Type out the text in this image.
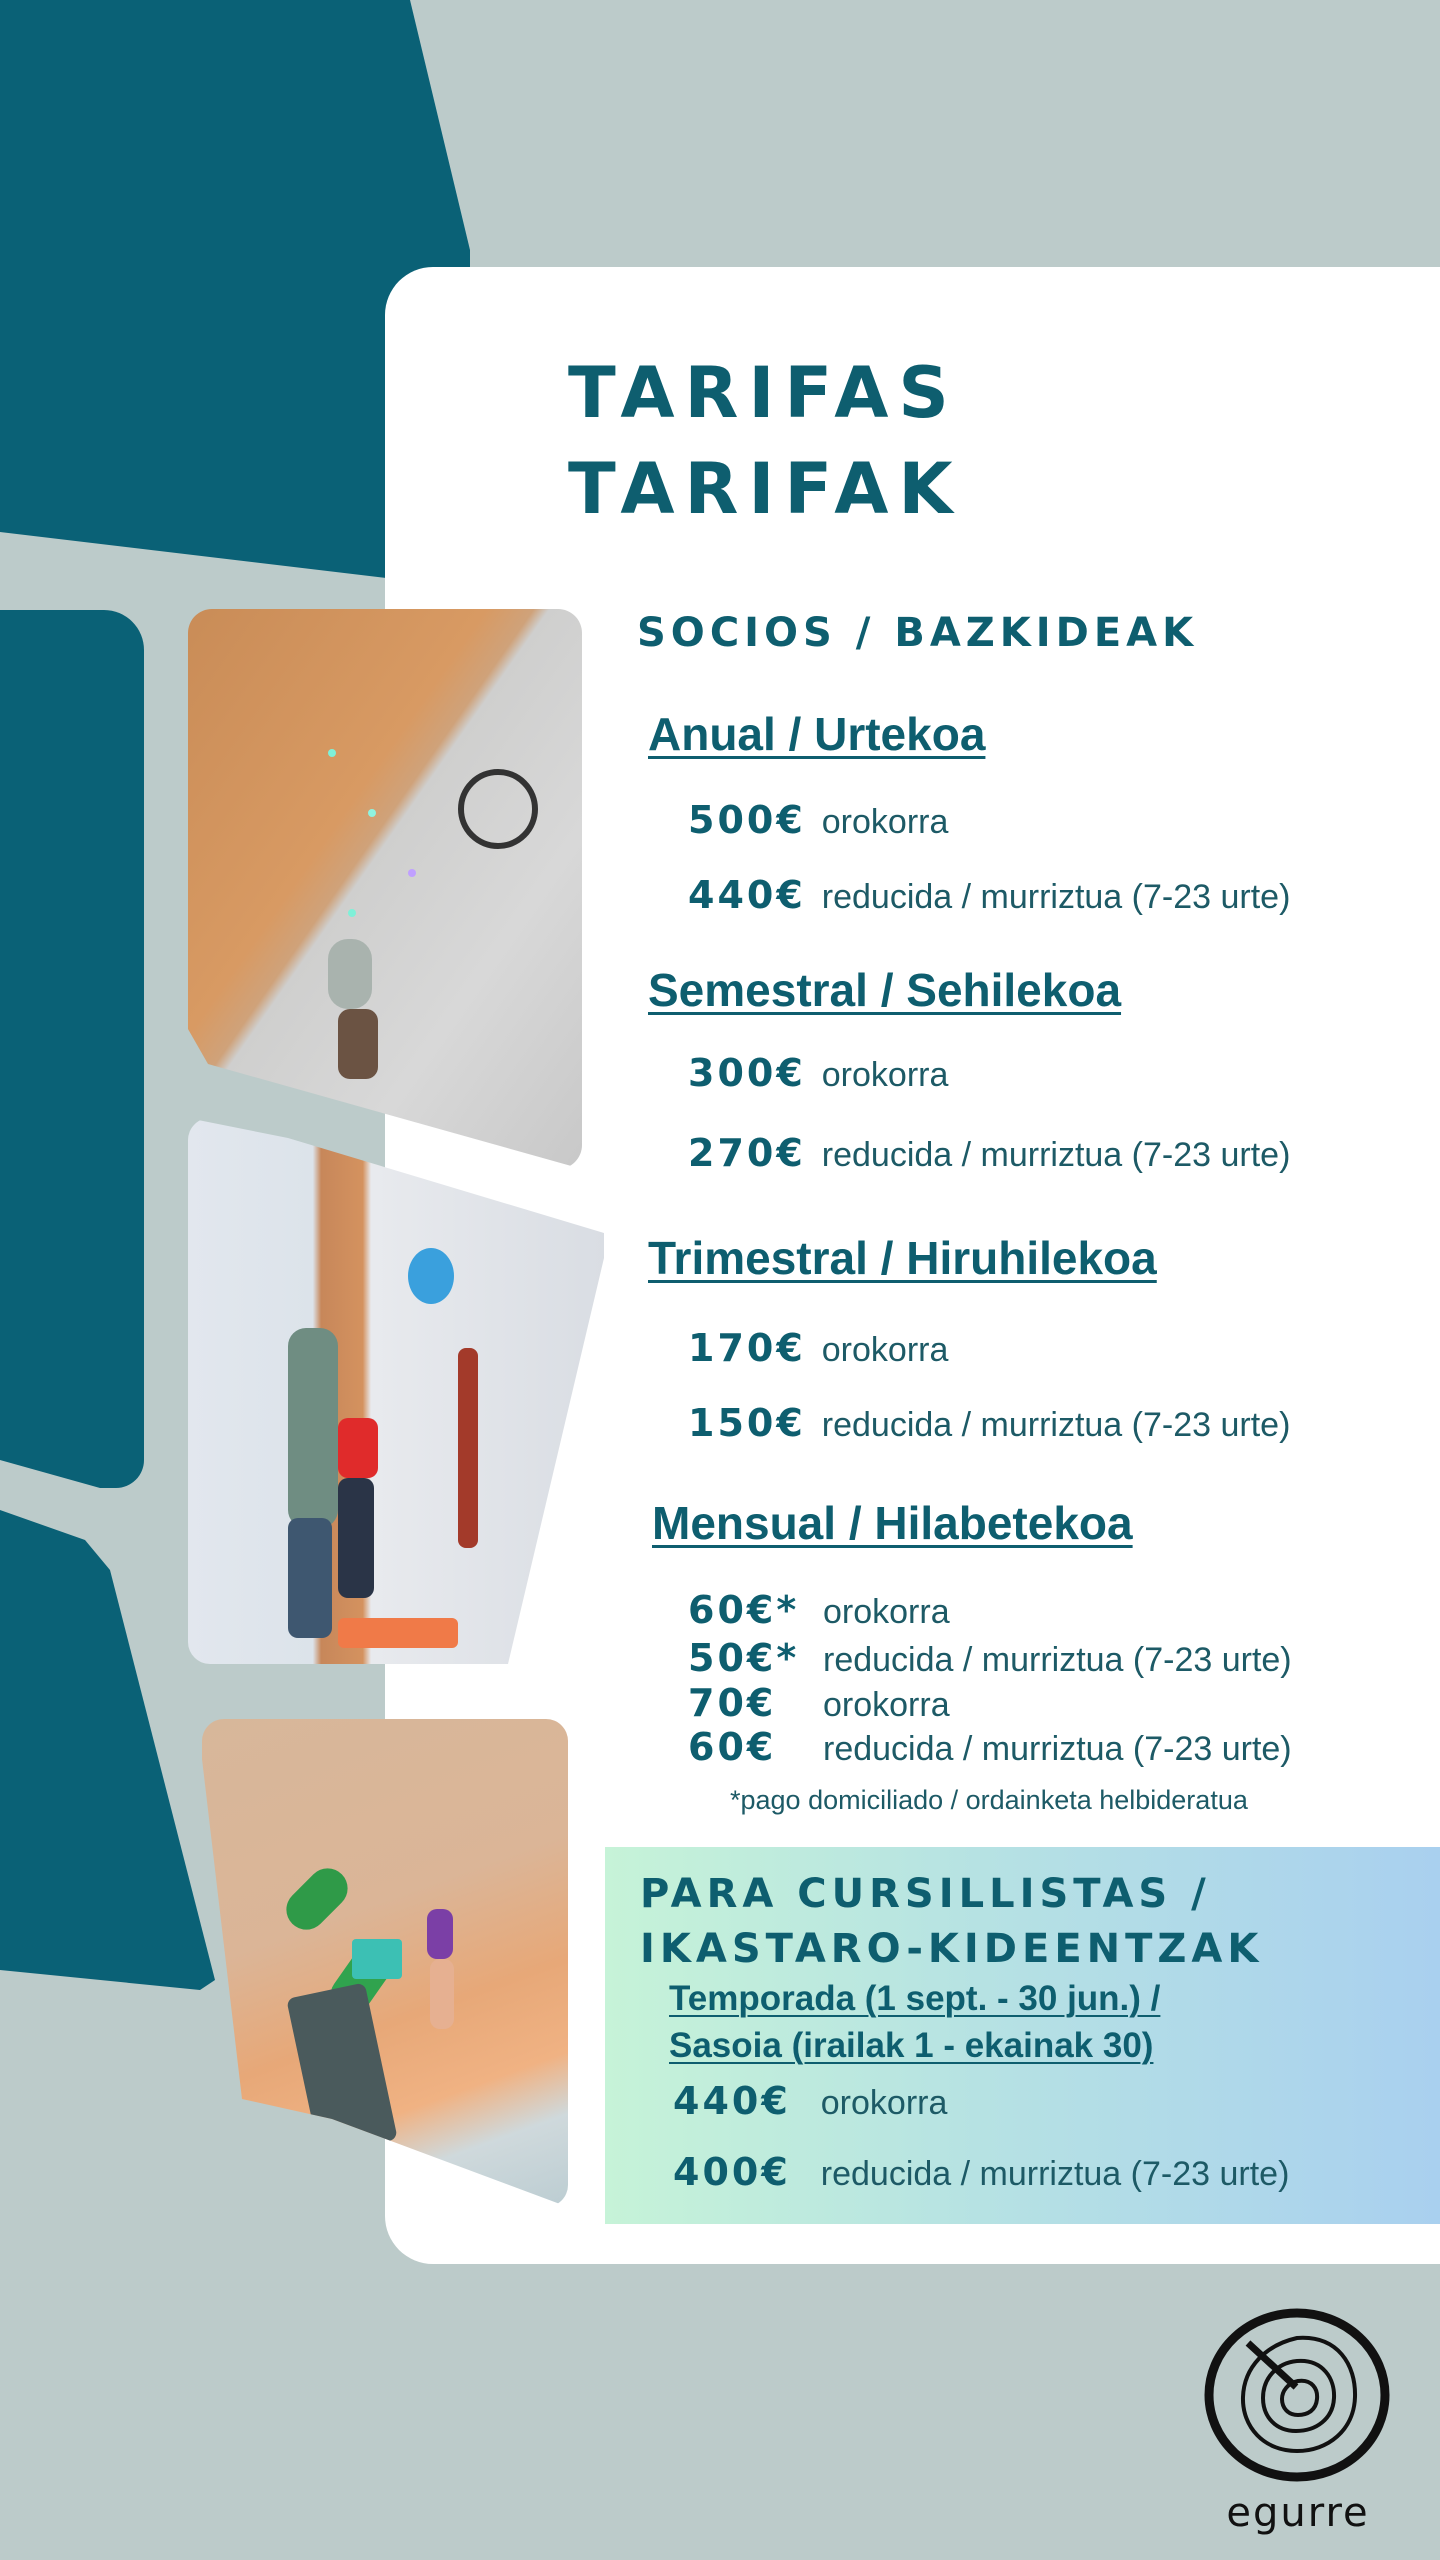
TARIFAS
TARIFAK
SOCIOS / BAZKIDEAK
Anual / Urtekoa
500€ orokorra
440€ reducida / murriztua (7-23 urte)
Semestral / Sehilekoa
300€ orokorra
270€ reducida / murriztua (7-23 urte)
Trimestral / Hiruhilekoa
170€ orokorra
150€ reducida / murriztua (7-23 urte)
Mensual / Hilabetekoa
60€* orokorra
50€* reducida / murriztua (7-23 urte)
70€	orokorra
60€	reducida / murriztua (7-23 urte)
*pago domiciliado / ordainketa helbideratua
PARA CURSILLISTAS /
IKASTARO-KIDEENTZAK
Temporada (1 sept. - 30 jun.) /
Sasoia (irailak 1 - ekainak 30)
440€ orokorra
400€ reducida / murriztua (7-23 urte)
egurre
